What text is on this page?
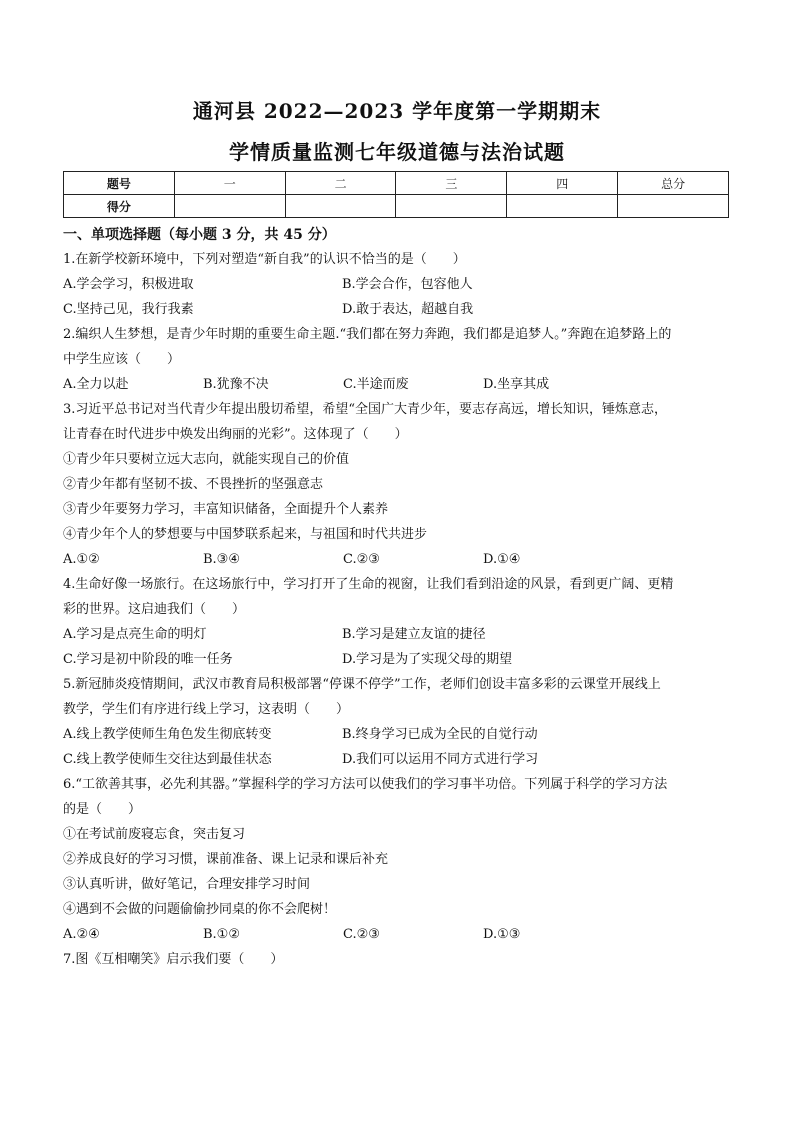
通河县 2022—2023 学年度第一学期期末
学情质量监测七年级道德与法治试题
题号	一	二	三	四	总分
得分					
一、单项选择题（每小题 3 分，共 45 分）
1.在新学校新环境中，下列对塑造“新自我”的认识不恰当的是（　　）
A.学会学习，积极进取	B.学会合作，包容他人
C.坚持己见，我行我素	D.敢于表达，超越自我
2.编织人生梦想，是青少年时期的重要生命主题.“我们都在努力奔跑，我们都是追梦人。”奔跑在追梦路上的
中学生应该（　　）
A.全力以赴	B.犹豫不决	C.半途而废	D.坐享其成
3.习近平总书记对当代青少年提出殷切希望，希望“全国广大青少年，要志存高远，增长知识，锤炼意志，
让青春在时代进步中焕发出绚丽的光彩”。这体现了（　　）
①青少年只要树立远大志向，就能实现自己的价值
②青少年都有坚韧不拔、不畏挫折的坚强意志
③青少年要努力学习，丰富知识储备，全面提升个人素养
④青少年个人的梦想要与中国梦联系起来，与祖国和时代共进步
A.①②	B.③④	C.②③	D.①④
4.生命好像一场旅行。在这场旅行中，学习打开了生命的视窗，让我们看到沿途的风景，看到更广阔、更精
彩的世界。这启迪我们（　　）
A.学习是点亮生命的明灯	B.学习是建立友谊的捷径
C.学习是初中阶段的唯一任务	D.学习是为了实现父母的期望
5.新冠肺炎疫情期间，武汉市教育局积极部署“停课不停学”工作，老师们创设丰富多彩的云课堂开展线上
教学，学生们有序进行线上学习，这表明（　　）
A.线上教学使师生角色发生彻底转变	B.终身学习已成为全民的自觉行动
C.线上教学使师生交往达到最佳状态	D.我们可以运用不同方式进行学习
6.“工欲善其事，必先利其器。”掌握科学的学习方法可以使我们的学习事半功倍。下列属于科学的学习方法
的是（　　）
①在考试前废寝忘食，突击复习
②养成良好的学习习惯，课前准备、课上记录和课后补充
③认真听讲，做好笔记，合理安排学习时间
④遇到不会做的问题偷偷抄同桌的你不会爬树！
A.②④	B.①②	C.②③	D.①③
7.图《互相嘲笑》启示我们要（　　）
